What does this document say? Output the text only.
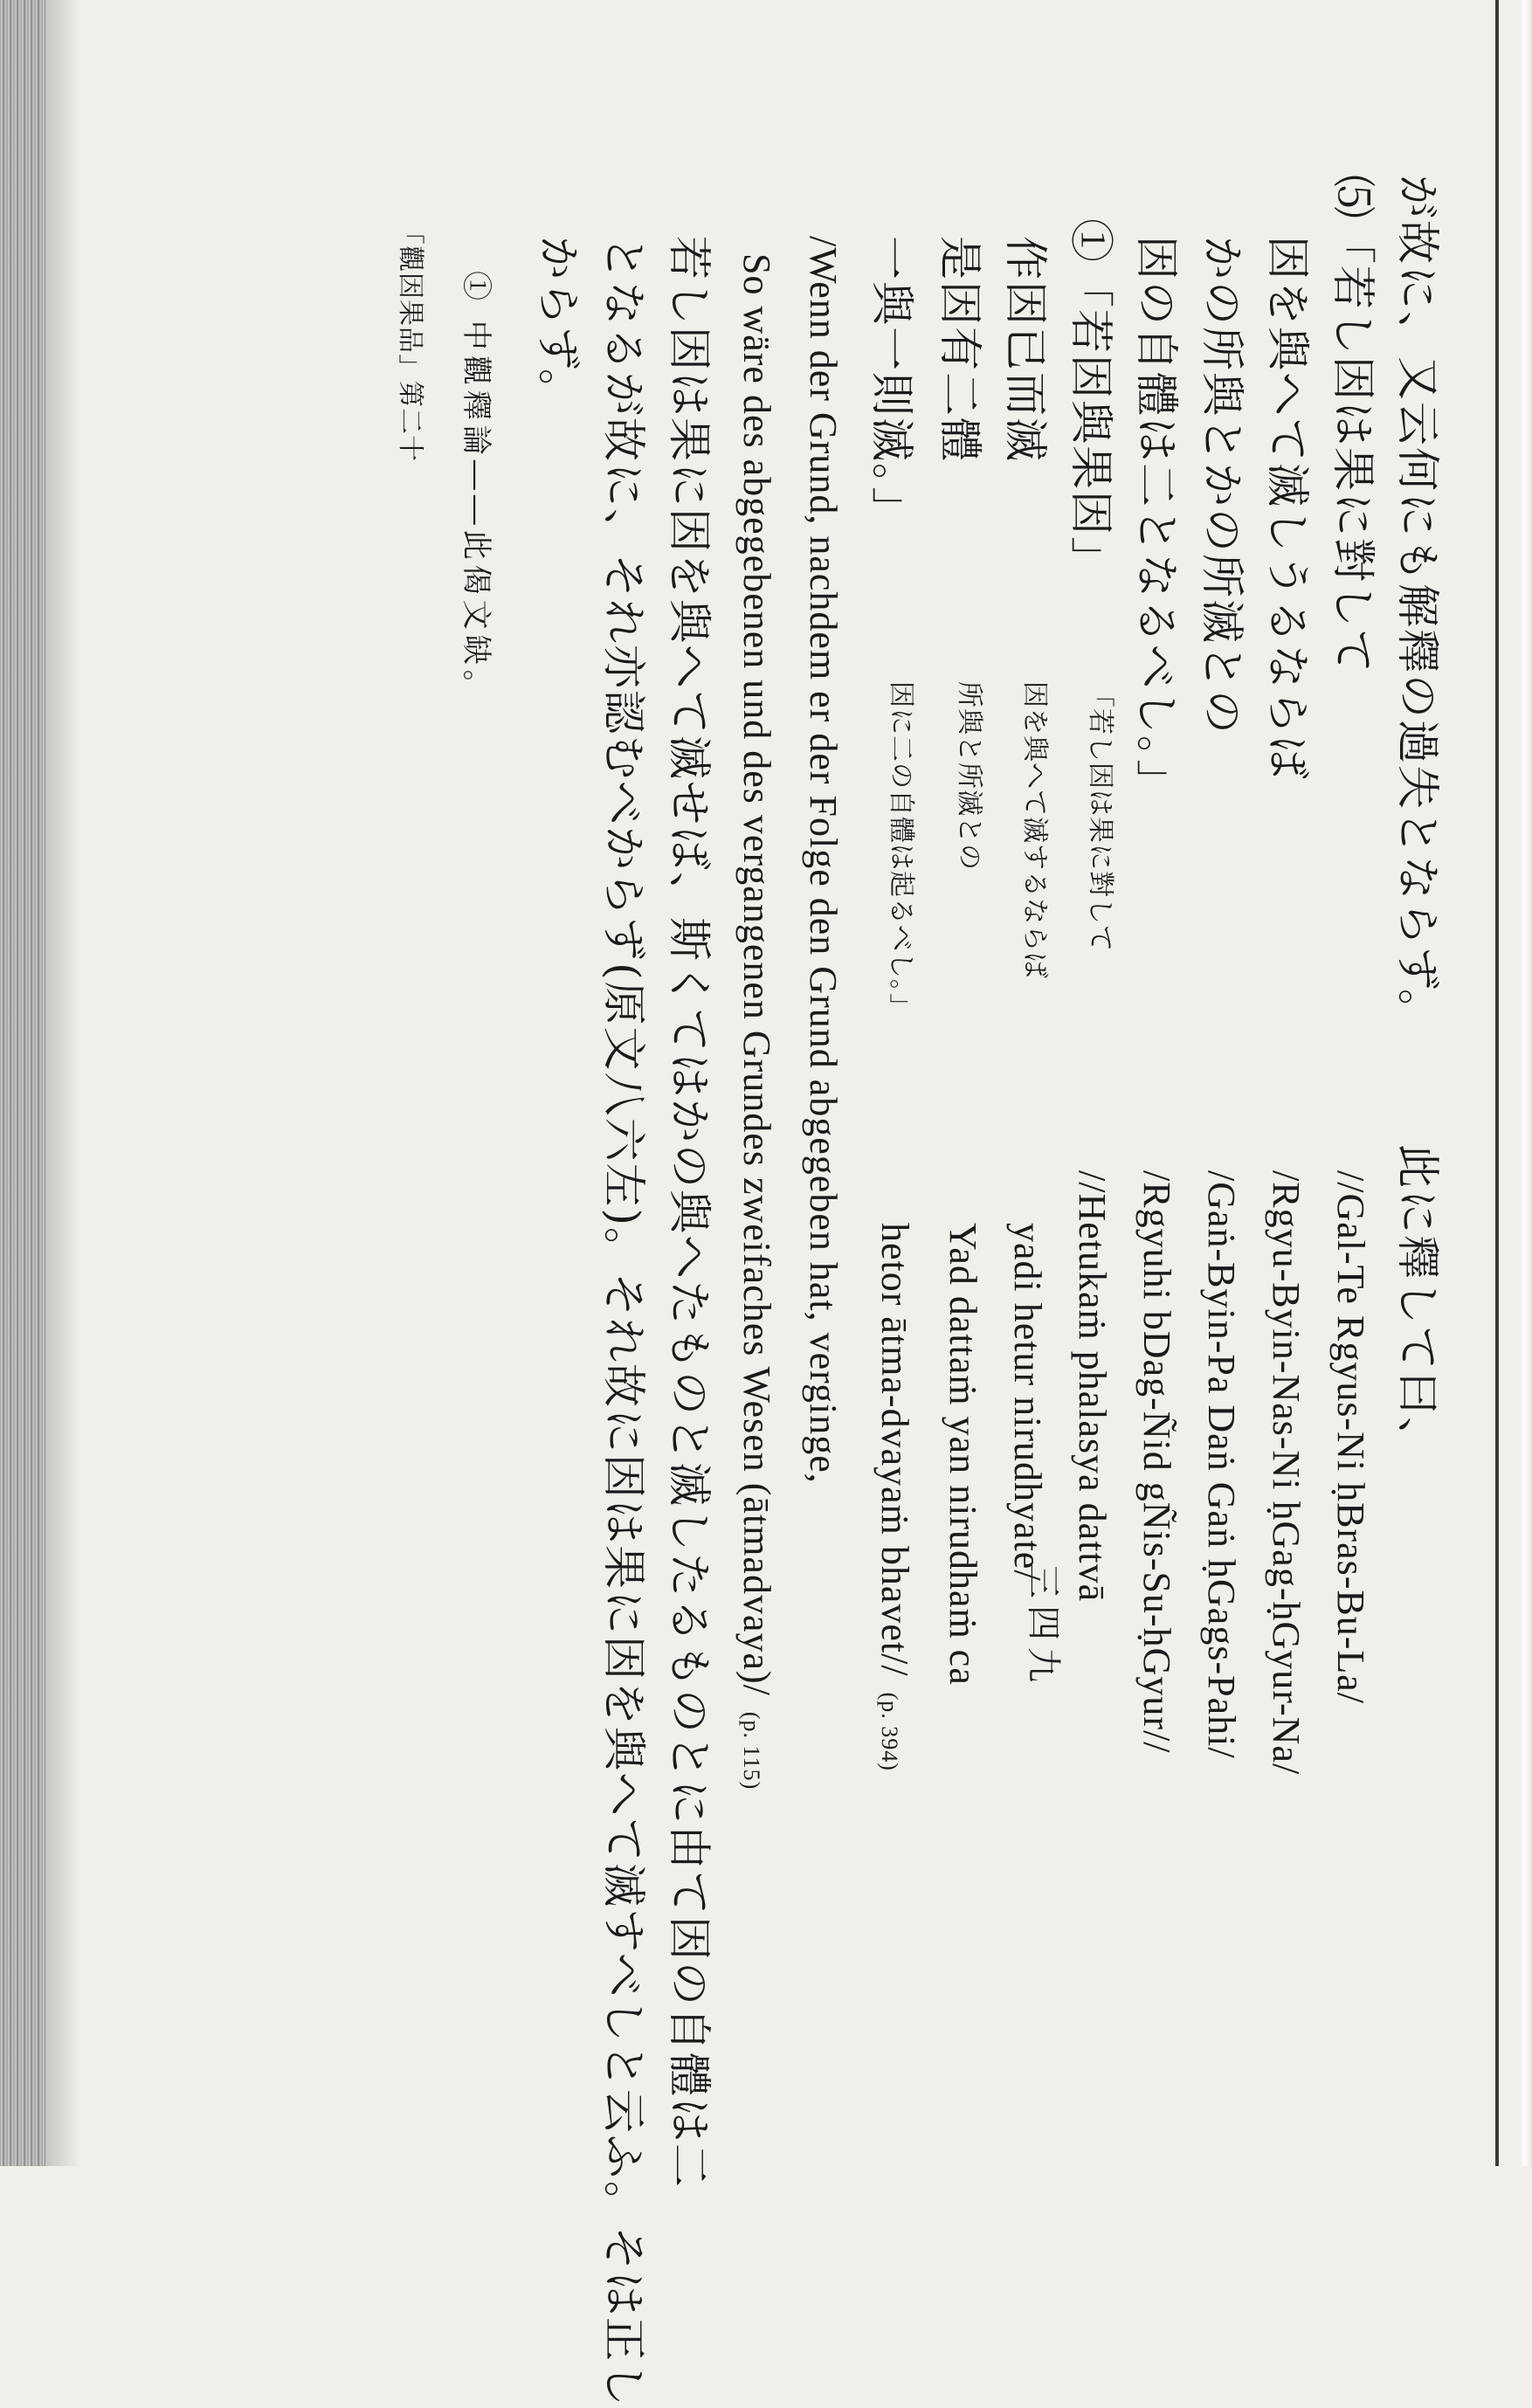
三四九
が故に、又云何にも解釋の過失とならず。
⑸「若し因は果に對して
因を與へて滅しうるならば
かの所與とかの所滅との
因の自體は二となるべし。」
①「若因與果因」
作因已而滅
是因有二體
一與一則滅。」
/Wenn der Grund, nachdem er der Folge den Grund abgegeben hat, verginge,
So wäre des abgegebenen und des vergangenen Grundes zweifaches Wesen (ātmadvaya)/(p. 115)
若し因は果に因を與へて滅せば、斯くてはかの與へたものと滅したるものとに由て因の自體は二
となるが故に、それ亦認むべからず(原文八六左)。それ故に因は果に因を與へて滅すべしと云ふ。そは正し
からず。
此に釋して曰、
//Gal-Te Rgyus-Ni ḥBras-Bu-La/
/Rgyu-Byin-Nas-Ni ḥGag-ḥGyur-Na/
/Gaṅ-Byin-Pa Daṅ Gaṅ ḥGags-Pahi/
/Rgyuhi bDag-Ñid gÑis-Su-ḥGyur//
//Hetukaṁ phalasya dattvā
yadi hetur nirudhyate/
Yad dattaṁ yan nirudhaṁ ca
hetor ātma-dvayaṁ bhavet//(p. 394)
「若し因は果に對して
因を與へて滅するならば
所與と所滅との
因に二の自體は起るべし。」
① 中觀釋論――此偈文缺。
「觀因果品」第二十
